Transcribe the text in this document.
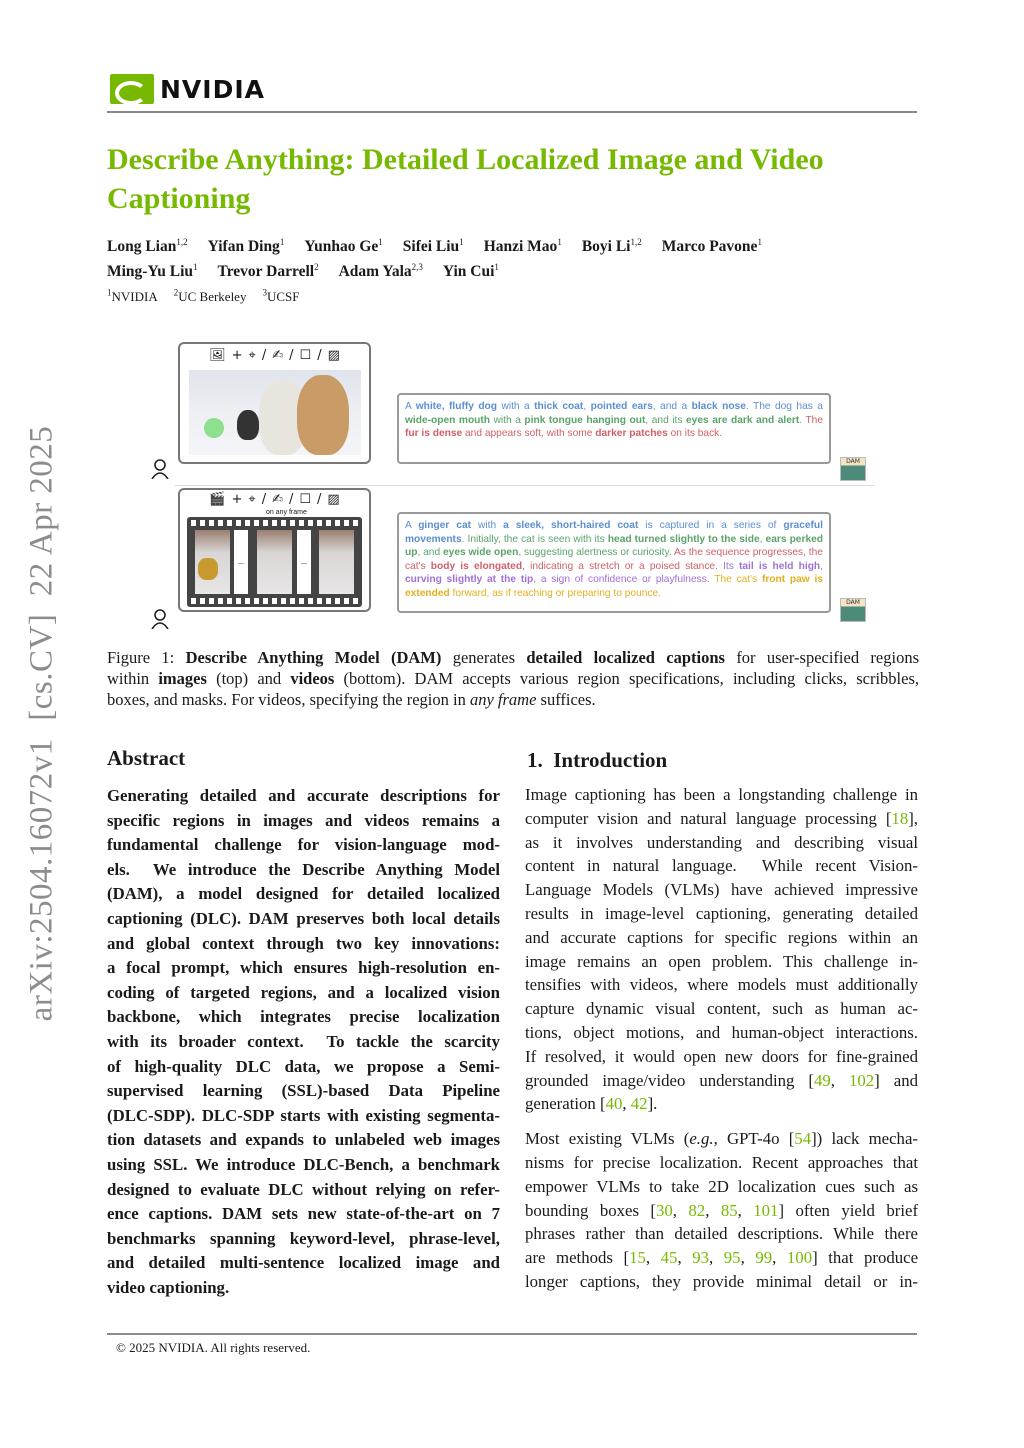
NVIDIA
Describe Anything: Detailed Localized Image and Video
Captioning
Long Lian$^{1,2}$ Yifan Ding$^1$ Yunhao Ge$^1$ Sifei Liu$^1$ Hanzi Mao$^1$ Boyi Li$^{1,2}$ Marco Pavone$^1$
Ming-Yu Liu$^1$ Trevor Darrell$^2$ Adam Yala$^{2,3}$ Yin Cui$^1$
$^1$NVIDIA $^2$UC Berkeley $^3$UCSF
arXiv:2504.16072v1  [cs.CV]  22 Apr 2025
🖼 + ⌖ / ✍ / ☐ / ▨
A white, fluffy dog with a thick coat, pointed ears, and a black nose. The dog has a wide-open mouth with a pink tongue hanging out, and its eyes are dark and alert. The fur is dense and appears soft, with some darker patches on its back.
DAM
🎬 + ⌖ / ✍ / ☐ / ▨
on any frame
...	...
A ginger cat with a sleek, short-haired coat is captured in a series of graceful movements. Initially, the cat is seen with its head turned slightly to the side, ears perked up, and eyes wide open, suggesting alertness or curiosity. As the sequence progresses, the cat's body is elongated, indicating a stretch or a poised stance. Its tail is held high, curving slightly at the tip, a sign of confidence or playfulness. The cat's front paw is extended forward, as if reaching or preparing to pounce.
DAM
Figure 1: Describe Anything Model (DAM) generates detailed localized captions for user-specified regions
within images (top) and videos (bottom). DAM accepts various region specifications, including clicks, scribbles,
boxes, and masks. For videos, specifying the region in any frame suffices.
Abstract
Generating detailed and accurate descriptions for
specific regions in images and videos remains a
fundamental challenge for vision-language mod-
els.  We introduce the Describe Anything Model
(DAM), a model designed for detailed localized
captioning (DLC). DAM preserves both local details
and global context through two key innovations:
a focal prompt, which ensures high-resolution en-
coding of targeted regions, and a localized vision
backbone, which integrates precise localization
with its broader context.  To tackle the scarcity
of high-quality DLC data, we propose a Semi-
supervised learning (SSL)-based Data Pipeline
(DLC-SDP). DLC-SDP starts with existing segmenta-
tion datasets and expands to unlabeled web images
using SSL. We introduce DLC-Bench, a benchmark
designed to evaluate DLC without relying on refer-
ence captions. DAM sets new state-of-the-art on 7
benchmarks spanning keyword-level, phrase-level,
and detailed multi-sentence localized image and
video captioning.
1.  Introduction
Image captioning has been a longstanding challenge in
computer vision and natural language processing [18],
as it involves understanding and describing visual
content in natural language.  While recent Vision-
Language Models (VLMs) have achieved impressive
results in image-level captioning, generating detailed
and accurate captions for specific regions within an
image remains an open problem. This challenge in-
tensifies with videos, where models must additionally
capture dynamic visual content, such as human ac-
tions, object motions, and human-object interactions.
If resolved, it would open new doors for fine-grained
grounded image/video understanding [49, 102] and
generation [40, 42].
Most existing VLMs (e.g., GPT-4o [54]) lack mecha-
nisms for precise localization. Recent approaches that
empower VLMs to take 2D localization cues such as
bounding boxes [30, 82, 85, 101] often yield brief
phrases rather than detailed descriptions. While there
are methods [15, 45, 93, 95, 99, 100] that produce
longer captions, they provide minimal detail or in-
© 2025 NVIDIA. All rights reserved.
